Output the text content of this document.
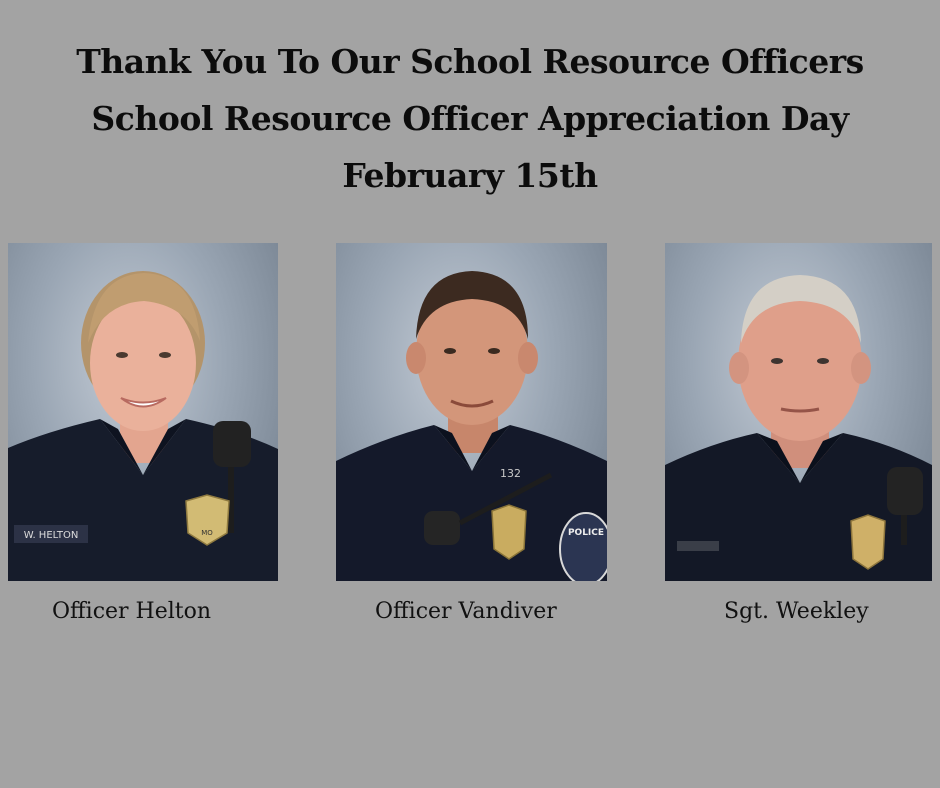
Thank You To Our School Resource Officers
School Resource Officer Appreciation Day
February 15th
MO
W. HELTON
132
POLICE
Officer Helton	Officer Vandiver	Sgt. Weekley
